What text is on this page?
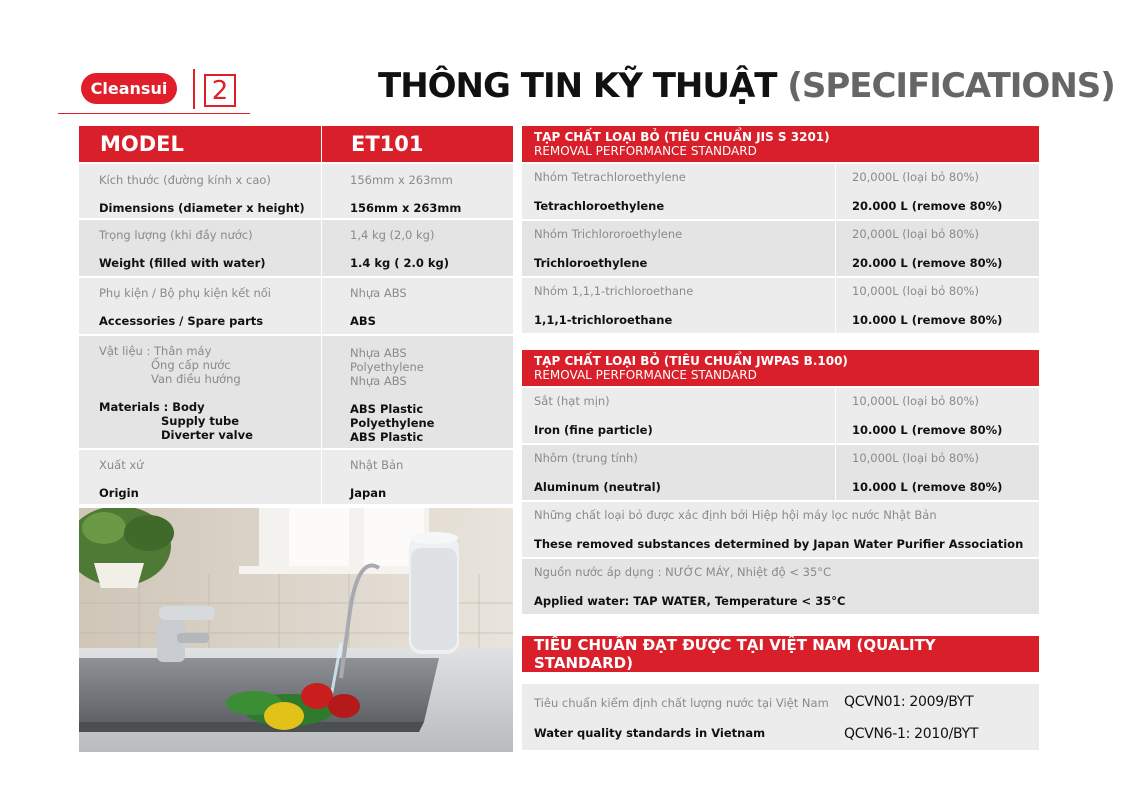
Cleansui 2	THÔNG TIN KỸ THUẬT (SPECIFICATIONS)
MODEL	ET101
Kích thước (đường kính x cao)
Dimensions (diameter x height)
156mm x 263mm
156mm x 263mm
Trọng lượng (khi đầy nước)
Weight (filled with water)
1,4 kg (2,0 kg)
1.4 kg ( 2.0 kg)
Phụ kiện / Bộ phụ kiện kết nối
Accessories / Spare parts
Nhựa ABS
ABS
Vật liệu : Thân máy
Ống cấp nước
Van điều hướng
Materials : Body
Supply tube
Diverter valve
Nhựa ABS
Polyethylene
Nhựa ABS
ABS Plastic
Polyethylene
ABS Plastic
Xuất xứ
Origin
Nhật Bản
Japan
TẠP CHẤT LOẠI BỎ (TIÊU CHUẨN JIS S 3201)
REMOVAL PERFORMANCE STANDARD
Nhóm Tetrachloroethylene
Tetrachloroethylene
20,000L (loại bỏ 80%)
20.000 L (remove 80%)
Nhóm Trichlororoethylene
Trichloroethylene
20,000L (loại bỏ 80%)
20.000 L (remove 80%)
Nhóm 1,1,1-trichloroethane
1,1,1-trichloroethane
10,000L (loại bỏ 80%)
10.000 L (remove 80%)
TẠP CHẤT LOẠI BỎ (TIÊU CHUẨN JWPAS B.100)
REMOVAL PERFORMANCE STANDARD
Sắt (hạt mịn)
Iron (fine particle)
10,000L (loại bỏ 80%)
10.000 L (remove 80%)
Nhôm (trung tính)
Aluminum (neutral)
10,000L (loại bỏ 80%)
10.000 L (remove 80%)
Những chất loại bỏ được xác định bởi Hiệp hội máy lọc nước Nhật Bản
These removed substances determined by Japan Water Purifier Association
Nguồn nước áp dụng : NƯỚC MÁY, Nhiệt độ < 35°C
Applied water: TAP WATER, Temperature < 35°C
TIÊU CHUẨN ĐẠT ĐƯỢC TẠI VIỆT NAM (QUALITY STANDARD)
Tiêu chuẩn kiểm định chất lượng nước tại Việt Nam
Water quality standards in Vietnam
QCVN01: 2009/BYT
QCVN6-1: 2010/BYT
